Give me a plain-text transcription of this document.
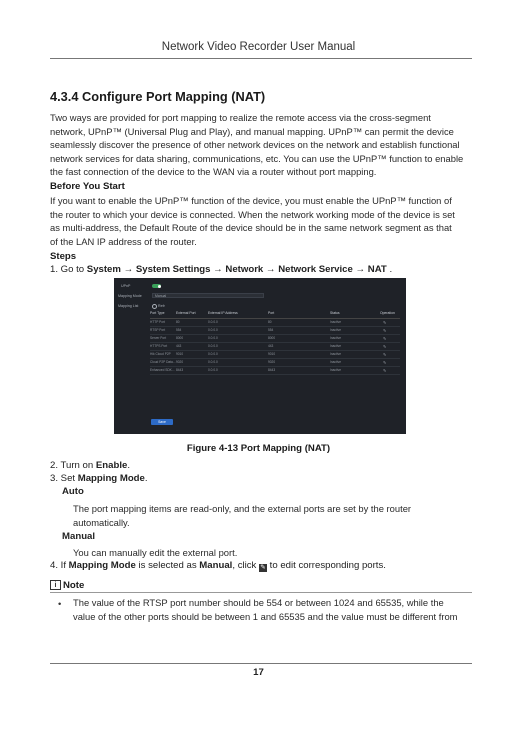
Network Video Recorder User Manual
4.3.4 Configure Port Mapping (NAT)
Two ways are provided for port mapping to realize the remote access via the cross-segment
network, UPnP™ (Universal Plug and Play), and manual mapping. UPnP™ can permit the device
seamlessly discover the presence of other network devices on the network and establish functional
network services for data sharing, communications, etc. You can use the UPnP™ function to enable
the fast connection of the device to the WAN via a router without port mapping.
Before You Start
If you want to enable the UPnP™ function of the device, you must enable the UPnP™ function of
the router to which your device is connected. When the network working mode of the device is set
as multi-address, the Default Route of the device should be in the same network segment as that
of the LAN IP address of the router.
Steps
1. Go to System → System Settings → Network → Network Service → NAT .
UPnP
Mapping Mode	Manual
Mapping List	Refr
Port Type	External Port	External IP Address	Port	Status	Operation
HTTP Port	80	0.0.0.0	80	Inactive	✎
RTSP Port	554	0.0.0.0	554	Inactive	✎
Server Port	8000	0.0.0.0	8000	Inactive	✎
HTTPS Port	443	0.0.0.0	443	Inactive	✎
Hik Cloud P2P 9010	0.0.0.0	9010	Inactive	✎
Cloud P2P Data... 9020	0.0.0.0	9020	Inactive	✎
Enhanced SDK... 8443	0.0.0.0	8443	Inactive	✎
Save
Figure 4-13 Port Mapping (NAT)
2. Turn on Enable.
3. Set Mapping Mode.
Auto
The port mapping items are read-only, and the external ports are set by the router
automatically.
Manual
You can manually edit the external port.
4. If Mapping Mode is selected as Manual, click ✎ to edit corresponding ports.
i Note
• The value of the RTSP port number should be 554 or between 1024 and 65535, while the
value of the other ports should be between 1 and 65535 and the value must be different from
17
